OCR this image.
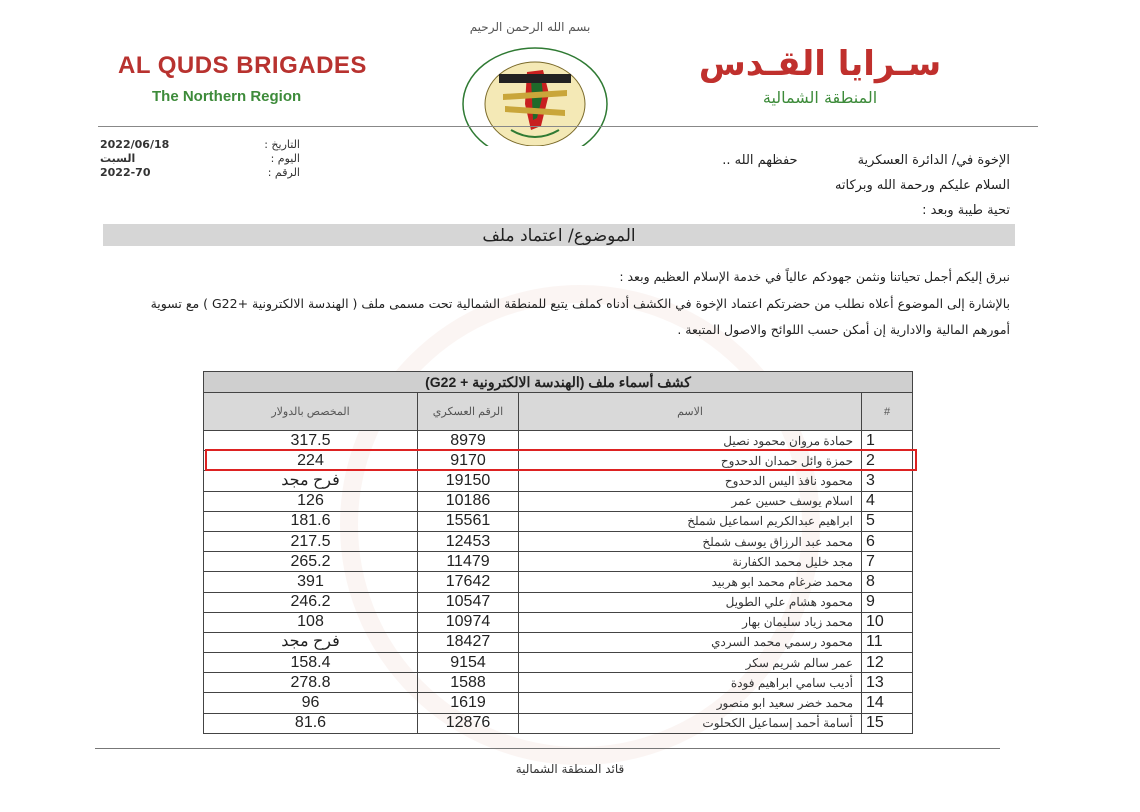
AL QUDS BRIGADES
The Northern Region
بسم الله الرحمن الرحيم
سـرايا القـدس
المنطقة الشمالية
التاريخ :
2022/06/18
اليوم :
السبت
الرقم :
2022-70
الإخوة في/ الدائرة العسكرية
حفظهم الله ..
السلام عليكم ورحمة الله وبركاته
تحية طيبة وبعد :
الموضوع/ اعتماد ملف

نبرق إليكم أجمل تحياتنا ونثمن جهودكم عالياً في خدمة الإسلام العظيم وبعد :

بالإشارة إلى الموضوع أعلاه نطلب من حضرتكم اعتماد الإخوة في الكشف أدناه كملف يتبع للمنطقة الشمالية تحت مسمى ملف ( الهندسة الالكترونية +G22 ) مع تسوية أمورهم المالية والادارية إن أمكن حسب اللوائح والاصول المتبعة .

كشف أسماء ملف (الهندسة الالكترونية + G22)			
المخصص بالدولار	الرقم العسكري	الاسم	#
317.5	8979	حمادة مروان محمود نصيل	1
224	9170	حمزة وائل حمدان الدحدوح	2
فرح مجد	19150	محمود نافذ اليس الدحدوح	3
126	10186	اسلام يوسف حسين عمر	4
181.6	15561	ابراهيم عبدالكريم اسماعيل شملخ	5
217.5	12453	محمد عبد الرزاق يوسف شملخ	6
265.2	11479	مجد خليل محمد الكفارنة	7
391	17642	محمد ضرغام محمد ابو هربيد	8
246.2	10547	محمود هشام علي الطويل	9
108	10974	محمد زياد سليمان بهار	10
فرح مجد	18427	محمود رسمي محمد السردي	11
158.4	9154	عمر سالم شريم سكر	12
278.8	1588	أديب سامي ابراهيم فودة	13
96	1619	محمد خضر سعيد ابو منصور	14
81.6	12876	أسامة أحمد إسماعيل الكحلوت	15
قائد المنطقة الشمالية
